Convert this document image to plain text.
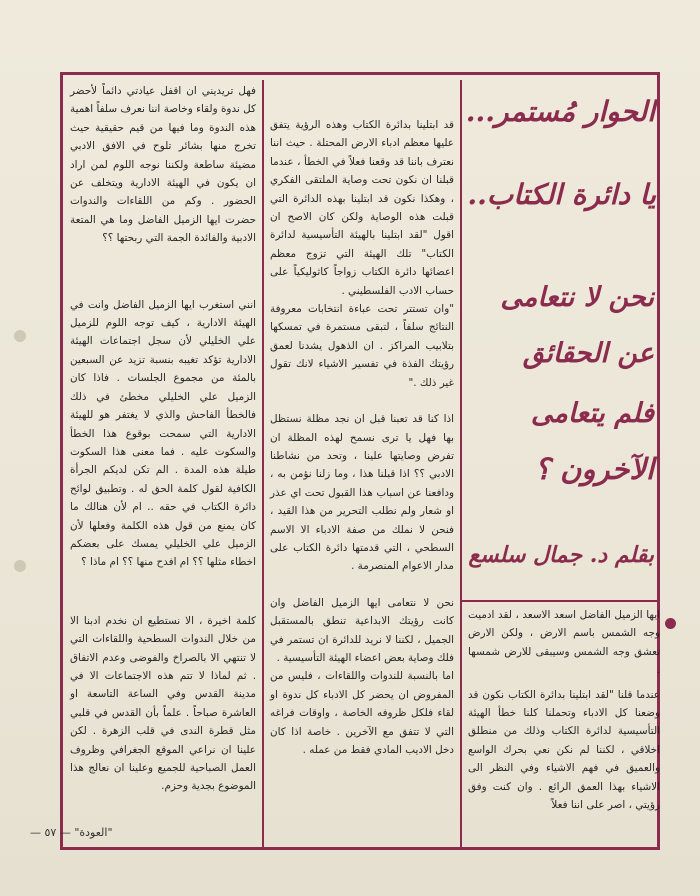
الحوار مُستمر...
يا دائرة الكتاب..
نحن لا نتعامى
عن الحقائق
فلم يتعامى
الآخرون ؟
بقلم د. جمال سلسع

ايها الزميل الفاضل اسعد الاسعد ، لقد ادميت وجه الشمس باسم الارض ، ولكن الارض تعشق وجه الشمس وسيبقى للارض شمسها .

عندما قلنا "لقد ابتلينا بدائرة الكتاب نكون قد وضعنا كل الادباء وتحملنا كلنا خطأ الهيئة التأسيسية لدائرة الكتاب وذلك من منطلق اخلاقي ، لكننا لم نكن نعي بحرك الواسع والعميق في فهم الاشياء وفي النظر الى الاشياء بهذا العمق الرائع . وان كنت وفق رؤيتي ، اصر على اننا فعلاً

قد ابتلينا بدائرة الكتاب وهذه الرؤية يتفق عليها معظم ادباء الارض المحتلة . حيث اننا نعترف باننا قد وقعنا فعلاً في الخطأ ، عندما قبلنا ان نكون تحت وصاية الملتقى الفكري ، وهكذا نكون قد ابتلينا بهذه الدائرة التي قبلت هذه الوصاية ولكن كان الاصح ان اقول "لقد ابتلينا بالهيئة التأسيسية لدائرة الكتاب" تلك الهيئة التي تزوج معظم اعضائها دائرة الكتاب زواجاً كاثوليكياً على حساب الادب الفلسطيني .

"وان تستتر تحت عباءة انتخابات معروفة النتائج سلفاً ، لتبقى مستمرة في تمسكها بتلابيب المراكز . ان الذهول يشدنا لعمق رؤيتك الفذة في تفسير الاشياء لانك تقول غير ذلك ."

اذا كنا قد تعبنا قبل ان نجد مظلة نستظل بها فهل يا ترى نسمح لهذه المظلة ان تفرض وصايتها علينا ، وتحد من نشاطنا الادبي ؟؟ اذا قبلنا هذا ، وما زلنا نؤمن به ، ودافعنا عن اسباب هذا القبول تحت اي عذر او شعار ولم نطلب التحرير من هذا القيد ، فنحن لا نملك من صفة الادباء الا الاسم السطحي ، التي قدمتها دائرة الكتاب على مدار الاعوام المنصرمة .

نحن لا نتعامى ايها الزميل الفاضل وان كانت رؤيتك الابداعية تنطق بالمستقبل الجميل ، لكننا لا نريد للدائرة ان تستمر في فلك وصاية بعض اعضاء الهيئة التأسيسية .

اما بالنسبة للندوات واللقاءات ، فليس من المفروض ان يحضر كل الادباء كل ندوة او لقاء فلكل ظروفه الخاصة ، واوقات فراغه التي لا تتفق مع الآخرين . خاصة اذا كان دخل الاديب المادي فقط من عمله .

فهل تريديني ان اقفل عيادتي دائماً لأحضر كل ندوة ولقاء وخاصة اننا نعرف سلفاً اهمية هذه الندوة وما فيها من قيم حقيقية حيث تخرج منها بشائر تلوح في الافق الادبي مضيئة ساطعة ولكننا نوجه اللوم لمن اراد ان يكون في الهيئة الادارية ويتخلف عن الحضور . وكم من اللقاءات والندوات حضرت ايها الزميل الفاضل وما هي المتعة الادبية والفائدة الجمة التي ربحتها ؟؟

انني استغرب ايها الزميل الفاضل وانت في الهيئة الادارية ، كيف توجه اللوم للزميل علي الخليلي لأن سجل اجتماعات الهيئة الادارية تؤكد تغيبه بنسبة تزيد عن السبعين بالمئة من مجموع الجلسات . فاذا كان الزميل علي الخليلي مخطئ في ذلك فالخطأ الفاحش والذي لا يغتفر هو للهيئة الادارية التي سمحت بوقوع هذا الخطأ والسكوت عليه . فما معنى هذا السكوت طيلة هذه المدة . الم تكن لديكم الجرأة الكافية لقول كلمة الحق له . وتطبيق لوائح دائرة الكتاب في حقه .. ام لأن هنالك ما كان يمنع من قول هذه الكلمة وفعلها لأن الزميل علي الخليلي يمسك على بعضكم اخطاء مثلها ؟؟ ام افدح منها ؟؟ ام ماذا ؟

كلمة اخيرة ، الا نستطيع ان نخدم ادبنا الا من خلال الندوات السطحية واللقاءات التي لا تنتهي الا بالصراخ والفوضى وعدم الاتفاق . ثم لماذا لا تتم هذه الاجتماعات الا في مدينة القدس وفي الساعة التاسعة او العاشرة صباحاً . علماً بأن القدس في قلبي مثل قطرة الندى في قلب الزهرة . لكن علينا ان نراعي الموقع الجغرافي وظروف العمل الصباحية للجميع وعلينا ان نعالج هذا الموضوع بجدية وحزم.

"العودة" — ٥٧ —
